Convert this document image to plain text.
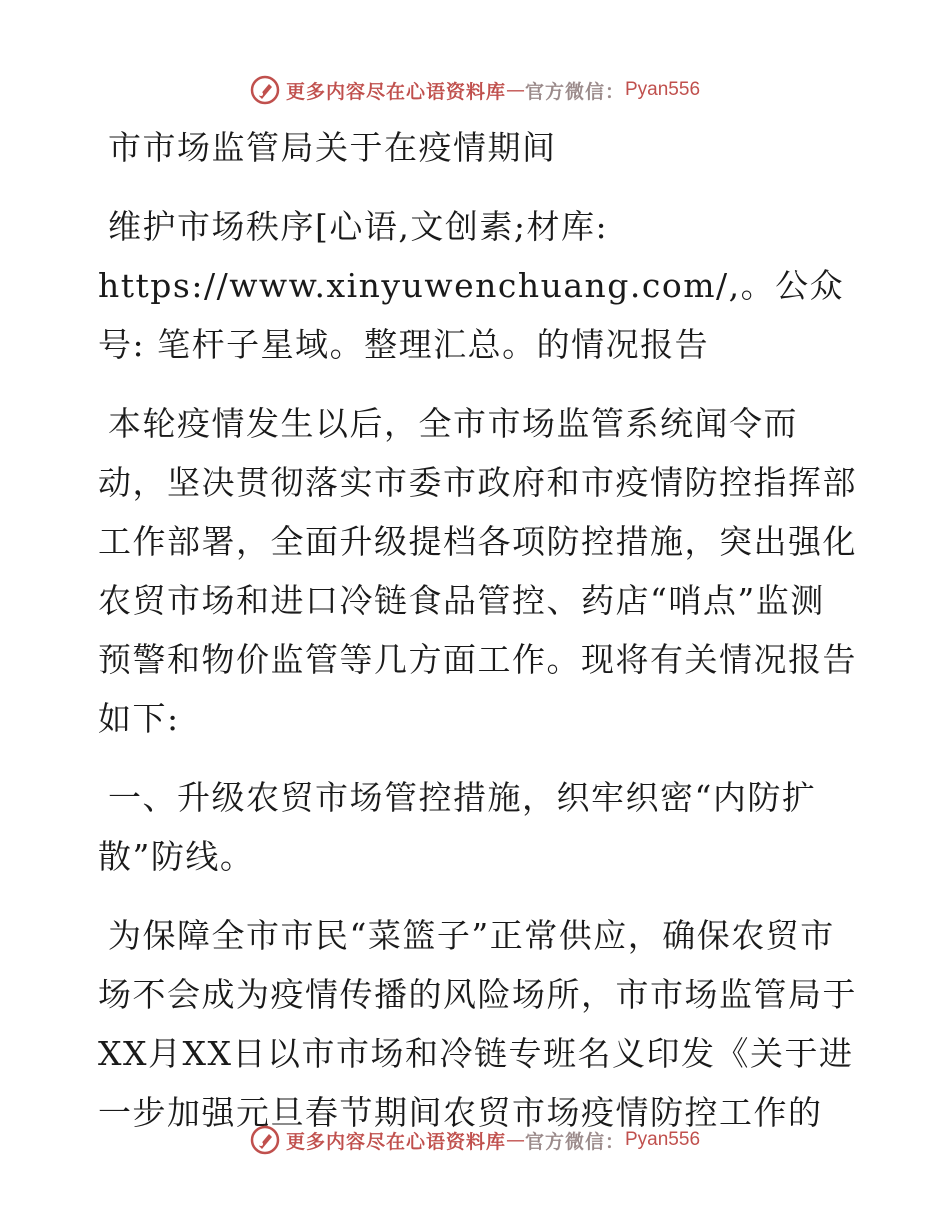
更多内容尽在心语资料库 — 官方微信： Pyan556

市市场监管局关于在疫情期间

维护市场秩序[心语,文创素;材库: https://www.xinyuwenchuang.com/,。公众号: 笔杆子星域。整理汇总。的情况报告

本轮疫情发生以后，全市市场监管系统闻令而动，坚决贯彻落实市委市政府和市疫情防控指挥部工作部署，全面升级提档各项防控措施，突出强化农贸市场和进口冷链食品管控、药店“哨点”监测预警和物价监管等几方面工作。现将有关情况报告如下:

一、升级农贸市场管控措施，织牢织密“内防扩散”防线。

为保障全市市民“菜篮子”正常供应，确保农贸市场不会成为疫情传播的风险场所，市市场监管局于XX月XX日以市市场和冷链专班名义印发《关于进一步加强元旦春节期间农贸市场疫情防控工作的

更多内容尽在心语资料库 — 官方微信： Pyan556
